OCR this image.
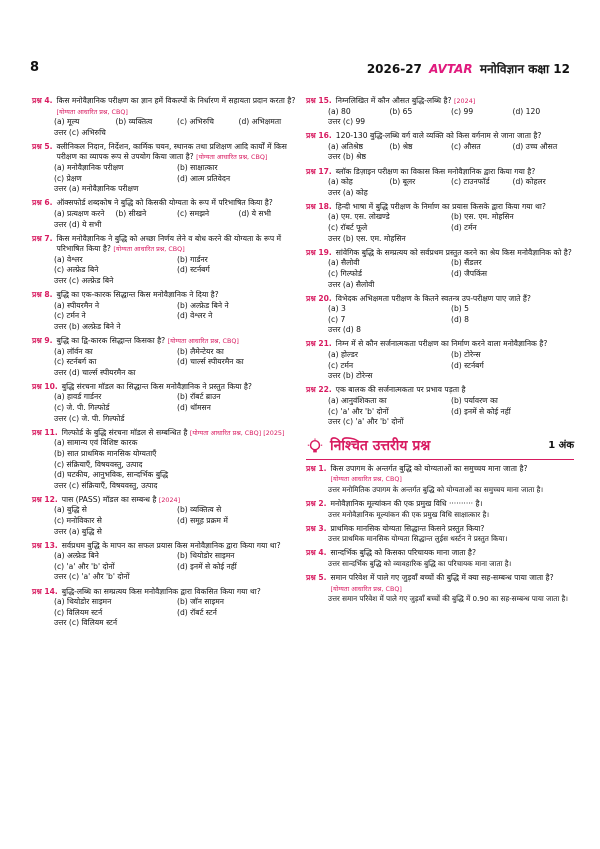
8	2026-27 AVTAR मनोविज्ञान कक्षा 12
प्रश्न 4. किस मनोवैज्ञानिक परीक्षण का ज्ञान हमें विकल्पों के निर्धारण में सहायता प्रदान करता है? [योग्यता आधारित प्रश्न, CBQ]
(a) मूल्य	(b) व्यक्तित्व	(c) अभिरुचि	(d) अभिक्षमता
उत्तर (c) अभिरुचि
प्रश्न 5. क्लीनिकल निदान, निर्देशन, कार्मिक चयन, स्थानक तथा प्रशिक्षण आदि कार्यों में किस परीक्षण का व्यापक रूप से उपयोग किया जाता है? [योग्यता आधारित प्रश्न, CBQ]
(a) मनोवैज्ञानिक परीक्षण	(b) साक्षात्कार
(c) प्रेक्षण	(d) आत्म प्रतिवेदन
उत्तर (a) मनोवैज्ञानिक परीक्षण
प्रश्न 6. ऑक्सफोर्ड शब्दकोष ने बुद्धि को किसकी योग्यता के रूप में परिभाषित किया है?
(a) प्रत्यक्षण करने	(b) सीखने	(c) समझने	(d) ये सभी
उत्तर (d) ये सभी
प्रश्न 7. किस मनोवैज्ञानिक ने बुद्धि को अच्छा निर्णय लेने व बोध करने की योग्यता के रूप में परिभाषित किया है? [योग्यता आधारित प्रश्न, CBQ]
(a) वेश्लर	(b) गार्डनर
(c) अल्फ्रेड बिने	(d) स्टर्नबर्ग
उत्तर (c) अल्फ्रेड बिने
प्रश्न 8. बुद्धि का एक-कारक सिद्धान्त किस मनोवैज्ञानिक ने दिया है?
(a) स्पीयरमैन ने	(b) अल्फ्रेड बिने ने
(c) टर्मन ने	(d) वेश्लर ने
उत्तर (b) अल्फ्रेड बिने ने
प्रश्न 9. बुद्धि का द्वि-कारक सिद्धान्त किसका है? [योग्यता आधारित प्रश्न, CBQ]
(a) लॉर्वन का	(b) लैमेन्टेयर का
(c) स्टर्नबर्ग का	(d) चार्ल्स स्पीयरमैन का
उत्तर (d) चार्ल्स स्पीयरमैन का
प्रश्न 10. बुद्धि संरचना मॉडल का सिद्धान्त किस मनोवैज्ञानिक ने प्रस्तुत किया है?
(a) हावर्ड गार्डनर	(b) रॉबर्ट ब्राउन
(c) जे. पी. गिल्फोर्ड	(d) थॉमसन
उत्तर (c) जे. पी. गिल्फोर्ड
प्रश्न 11. गिल्फोर्ड के बुद्धि संरचना मॉडल से सम्बन्धित है [योग्यता आधारित प्रश्न, CBQ] [2025]
(a) सामान्य एवं विशिष्ट कारक
(b) सात प्राथमिक मानसिक योग्यताएँ
(c) संक्रियाएँ, विषयवस्तु, उत्पाद
(d) घटकीय, आनुभविक, सान्दर्भिक बुद्धि
उत्तर (c) संक्रियाएँ, विषयवस्तु, उत्पाद
प्रश्न 12. पास (PASS) मॉडल का सम्बन्ध है [2024]
(a) बुद्धि से	(b) व्यक्तित्व से
(c) मनोविकार से	(d) समूह प्रक्रम में
उत्तर (a) बुद्धि से
प्रश्न 13. सर्वप्रथम बुद्धि के मापन का सफल प्रयास किस मनोवैज्ञानिक द्वारा किया गया था?
(a) अल्फ्रेड बिने	(b) थियोडोर साइमन
(c) 'a' और 'b' दोनों	(d) इनमें से कोई नहीं
उत्तर (c) 'a' और 'b' दोनों
प्रश्न 14. बुद्धि-लब्धि का सम्प्रत्यय किस मनोवैज्ञानिक द्वारा विकसित किया गया था?
(a) थियोडोर साइमन	(b) जॉन साइमन
(c) विलियम स्टर्न	(d) रॉबर्ट स्टर्न
उत्तर (c) विलियम स्टर्न
प्रश्न 15. निम्नलिखित में कौन औसत बुद्धि-लब्धि है? [2024]
(a) 80	(b) 65	(c) 99	(d) 120
उत्तर (c) 99
प्रश्न 16. 120-130 बुद्धि-लब्धि वर्ग वाले व्यक्ति को किस वर्गनाम से जाना जाता है?
(a) अतिश्रेष्ठ	(b) श्रेष्ठ	(c) औसत	(d) उच्च औसत
उत्तर (b) श्रेष्ठ
प्रश्न 17. ब्लॉक डिज़ाइन परीक्षण का विकास किस मनोवैज्ञानिक द्वारा किया गया है?
(a) कोह	(b) बूलर	(c) टाउनफॉर्ड	(d) कोहलर
उत्तर (a) कोह
प्रश्न 18. हिन्दी भाषा में बुद्धि परीक्षण के निर्माण का प्रयास किसके द्वारा किया गया था?
(a) एम. एस. लोखण्डे	(b) एस. एम. मोहसिन
(c) रॉबर्ट फूले	(d) टर्मन
उत्तर (b) एस. एम. मोहसिन
प्रश्न 19. सांवेगिक बुद्धि के सम्प्रत्यय को सर्वप्रथम प्रस्तुत करने का श्रेय किस मनोवैज्ञानिक को है?
(a) सैलोवी	(b) सैंडलर
(c) गिल्फोर्ड	(d) जैपकिंस
उत्तर (a) सैलोवी
प्रश्न 20. विभेदक अभिक्षमता परीक्षण के कितने स्वतन्त्र उप-परीक्षण पाए जाते हैं?
(a) 3	(b) 5
(c) 7	(d) 8
उत्तर (d) 8
प्रश्न 21. निम्न में से कौन सर्जनात्मकता परीक्षण का निर्माण करने वाला मनोवैज्ञानिक है?
(a) होल्डर	(b) टोरेन्स
(c) टर्मन	(d) स्टर्नबर्ग
उत्तर (b) टोरेन्स
प्रश्न 22. एक बालक की सर्जनात्मकता पर प्रभाव पड़ता है
(a) आनुवंशिकता का	(b) पर्यावरण का
(c) 'a' और 'b' दोनों	(d) इनमें से कोई नहीं
उत्तर (c) 'a' और 'b' दोनों
निश्चित उत्तरीय प्रश्न	1 अंक
प्रश्न 1. किस उपागम के अन्तर्गत बुद्धि को योग्यताओं का समुच्चय माना जाता है? [योग्यता आधारित प्रश्न, CBQ]
उत्तर मनोमितिक उपागम के अन्तर्गत बुद्धि को योग्यताओं का समुच्चय माना जाता है।
प्रश्न 2. मनोवैज्ञानिक मूल्यांकन की एक प्रमुख विधि ·········· है।
उत्तर मनोवैज्ञानिक मूल्यांकन की एक प्रमुख विधि साक्षात्कार है।
प्रश्न 3. प्राथमिक मानसिक योग्यता सिद्धान्त किसने प्रस्तुत किया?
उत्तर प्राथमिक मानसिक योग्यता सिद्धान्त लुईस थर्स्टन ने प्रस्तुत किया।
प्रश्न 4. सान्दर्भिक बुद्धि को किसका परिचायक माना जाता है?
उत्तर सान्दर्भिक बुद्धि को व्यावहारिक बुद्धि का परिचायक माना जाता है।
प्रश्न 5. समान परिवेश में पाले गए जुड़वाँ बच्चों की बुद्धि में क्या सह-सम्बन्ध पाया जाता है? [योग्यता आधारित प्रश्न, CBQ]
उत्तर समान परिवेश में पाले गए जुड़वाँ बच्चों की बुद्धि में 0.90 का सह-सम्बन्ध पाया जाता है।
